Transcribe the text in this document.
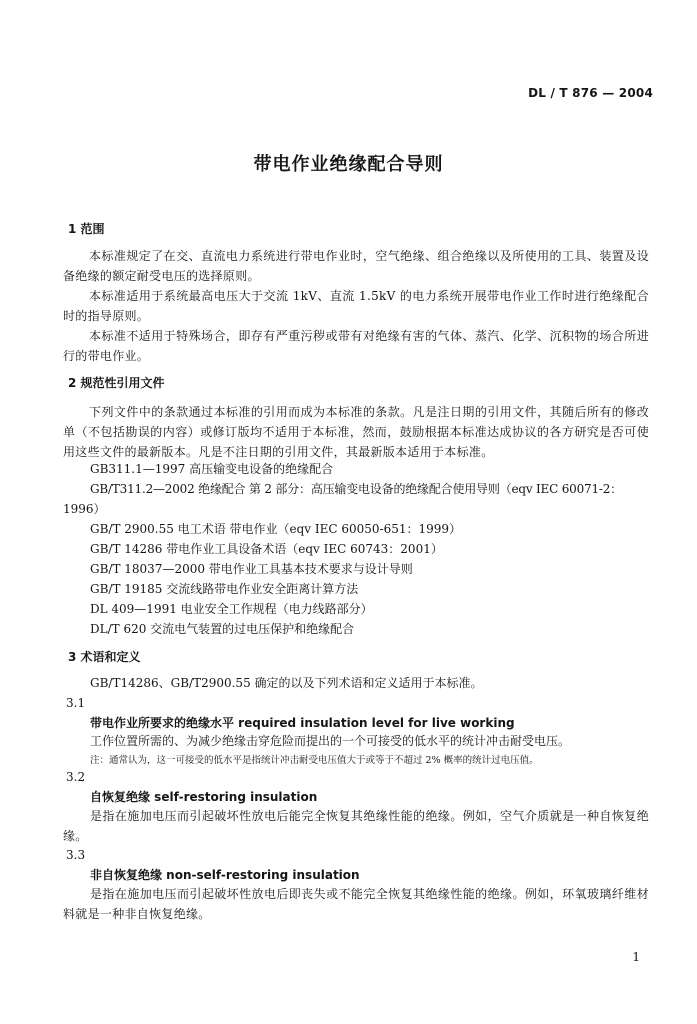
DL / T 876 — 2004
带电作业绝缘配合导则
1 范围
本标准规定了在交、直流电力系统进行带电作业时，空气绝缘、组合绝缘以及所使用的工具、装置及设备绝缘的额定耐受电压的选择原则。
本标准适用于系统最高电压大于交流 1kV、直流 1.5kV 的电力系统开展带电作业工作时进行绝缘配合时的指导原则。
本标准不适用于特殊场合，即存有严重污秽或带有对绝缘有害的气体、蒸汽、化学、沉积物的场合所进行的带电作业。
2 规范性引用文件
下列文件中的条款通过本标准的引用而成为本标准的条款。凡是注日期的引用文件，其随后所有的修改单（不包括勘误的内容）或修订版均不适用于本标准，然而，鼓励根据本标准达成协议的各方研究是否可使用这些文件的最新版本。凡是不注日期的引用文件，其最新版本适用于本标准。
GB311.1—1997 高压输变电设备的绝缘配合
GB/T311.2—2002 绝缘配合 第 2 部分：高压输变电设备的绝缘配合使用导则（eqv IEC 60071-2：
1996）
GB/T 2900.55 电工术语 带电作业（eqv IEC 60050-651：1999）
GB/T 14286 带电作业工具设备术语（eqv IEC 60743：2001）
GB/T 18037—2000 带电作业工具基本技术要求与设计导则
GB/T 19185 交流线路带电作业安全距离计算方法
DL 409—1991 电业安全工作规程（电力线路部分）
DL/T 620 交流电气装置的过电压保护和绝缘配合
3 术语和定义
GB/T14286、GB/T2900.55 确定的以及下列术语和定义适用于本标准。
3.1
带电作业所要求的绝缘水平 required insulation level for live working
工作位置所需的、为减少绝缘击穿危险而提出的一个可接受的低水平的统计冲击耐受电压。
注：通常认为，这一可接受的低水平是指统计冲击耐受电压值大于或等于不超过 2% 概率的统计过电压值。
3.2
自恢复绝缘 self-restoring insulation
是指在施加电压而引起破坏性放电后能完全恢复其绝缘性能的绝缘。例如，空气介质就是一种自恢复绝缘。
3.3
非自恢复绝缘 non-self-restoring insulation
是指在施加电压而引起破坏性放电后即丧失或不能完全恢复其绝缘性能的绝缘。例如，环氧玻璃纤维材料就是一种非自恢复绝缘。
1
